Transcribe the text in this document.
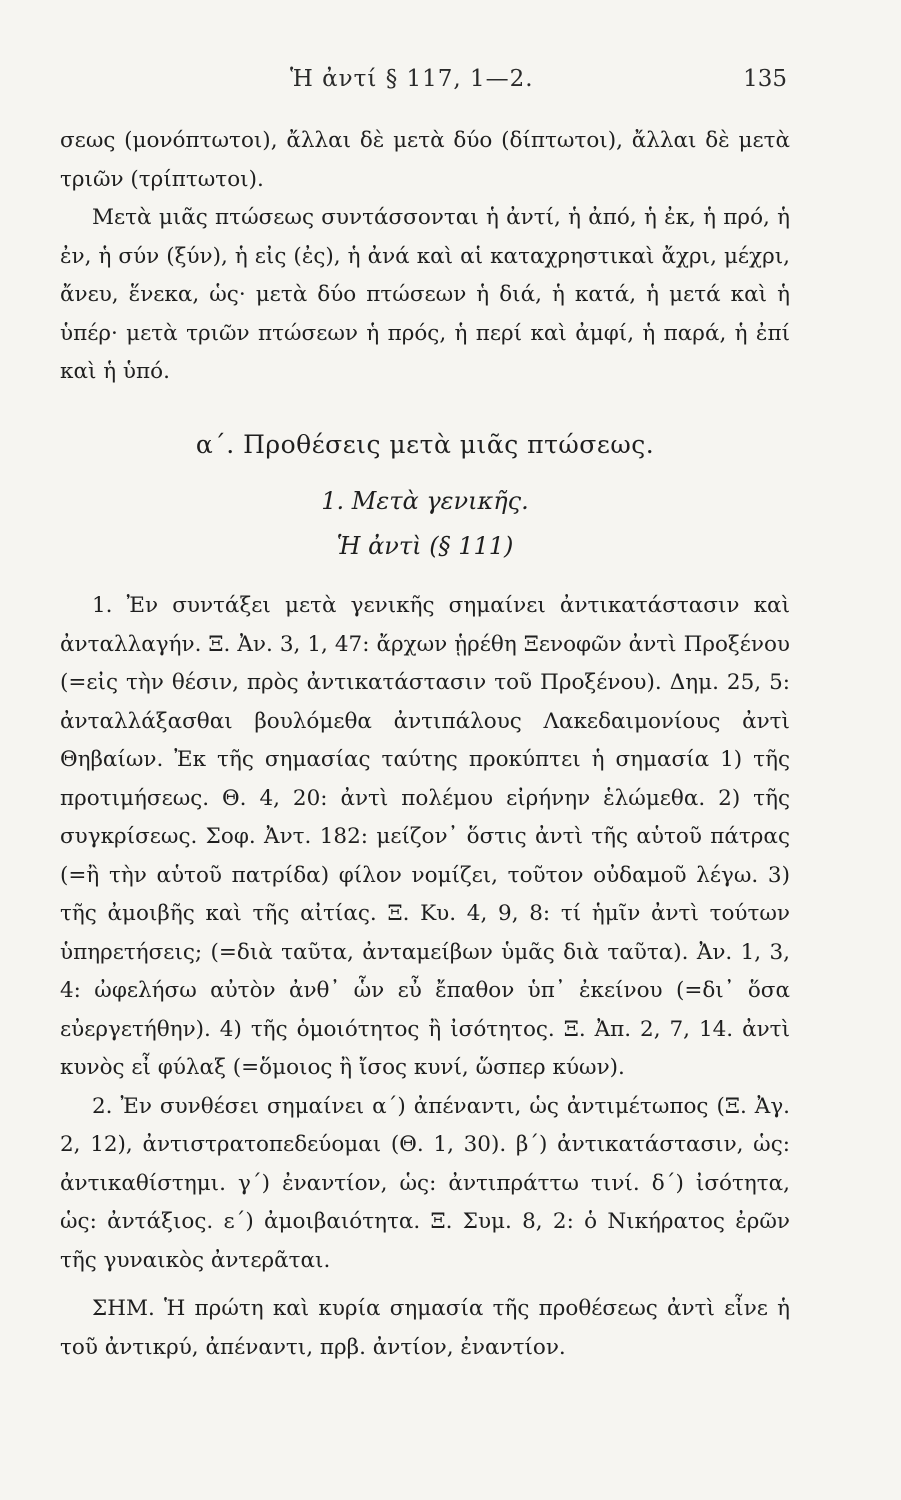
Ἡ ἀντί § 117, 1—2.	135

σεως (μονόπτωτοι), ἄλλαι δὲ μετὰ δύο (δίπτωτοι), ἄλλαι δὲ μετὰ τριῶν (τρίπτωτοι).

Μετὰ μιᾶς πτώσεως συντάσσονται ἡ ἀντί, ἡ ἀπό, ἡ ἐκ, ἡ πρό, ἡ ἐν, ἡ σύν (ξύν), ἡ εἰς (ἐς), ἡ ἀνά καὶ αἱ καταχρηστικαὶ ἄχρι, μέχρι, ἄνευ, ἕνεκα, ὡς· μετὰ δύο πτώσεων ἡ διά, ἡ κατά, ἡ μετά καὶ ἡ ὑπέρ· μετὰ τριῶν πτώσεων ἡ πρός, ἡ περί καὶ ἀμφί, ἡ παρά, ἡ ἐπί καὶ ἡ ὑπό.

α΄. Προθέσεις μετὰ μιᾶς πτώσεως.

1. Μετὰ γενικῆς.

Ἡ ἀντὶ (§ 111)

1. Ἐν συντάξει μετὰ γενικῆς σημαίνει ἀντικατάστασιν καὶ ἀνταλλαγήν. Ξ. Ἀν. 3, 1, 47: ἄρχων ᾑρέθη Ξενοφῶν ἀντὶ Προξένου (=εἰς τὴν θέσιν, πρὸς ἀντικατάστασιν τοῦ Προξένου). Δημ. 25, 5: ἀνταλλάξασθαι βουλόμεθα ἀντιπάλους Λακεδαιμονίους ἀντὶ Θηβαίων. Ἐκ τῆς σημασίας ταύτης προκύπτει ἡ σημασία 1) τῆς προτιμήσεως. Θ. 4, 20: ἀντὶ πολέμου εἰρήνην ἑλώμεθα. 2) τῆς συγκρίσεως. Σοφ. Ἀντ. 182: μείζον᾽ ὅστις ἀντὶ τῆς αὑτοῦ πάτρας (=ἢ τὴν αὑτοῦ πατρίδα) φίλον νομίζει, τοῦτον οὐδαμοῦ λέγω. 3) τῆς ἀμοιβῆς καὶ τῆς αἰτίας. Ξ. Κυ. 4, 9, 8: τί ἡμῖν ἀντὶ τούτων ὑπηρετήσεις; (=διὰ ταῦτα, ἀνταμείβων ὑμᾶς διὰ ταῦτα). Ἀν. 1, 3, 4: ὠφελήσω αὐτὸν ἀνθ᾽ ὧν εὖ ἔπαθον ὑπ᾽ ἐκείνου (=δι᾽ ὅσα εὐεργετήθην). 4) τῆς ὁμοιότητος ἢ ἰσότητος. Ξ. Ἀπ. 2, 7, 14. ἀντὶ κυνὸς εἶ φύλαξ (=ὅμοιος ἢ ἴσος κυνί, ὥσπερ κύων).

2. Ἐν συνθέσει σημαίνει α΄) ἀπέναντι, ὡς ἀντιμέτωπος (Ξ. Ἀγ. 2, 12), ἀντιστρατοπεδεύομαι (Θ. 1, 30). β΄) ἀντικατάστασιν, ὡς: ἀντικαθίστημι. γ΄) ἐναντίον, ὡς: ἀντιπράττω τινί. δ΄) ἰσότητα, ὡς: ἀντάξιος. ε΄) ἀμοιβαιότητα. Ξ. Συμ. 8, 2: ὁ Νικήρατος ἐρῶν τῆς γυναικὸς ἀντερᾶται.

ΣΗΜ. Ἡ πρώτη καὶ κυρία σημασία τῆς προθέσεως ἀντὶ εἶνε ἡ τοῦ ἀντικρύ, ἀπέναντι, πρβ. ἀντίον, ἐναντίον.
